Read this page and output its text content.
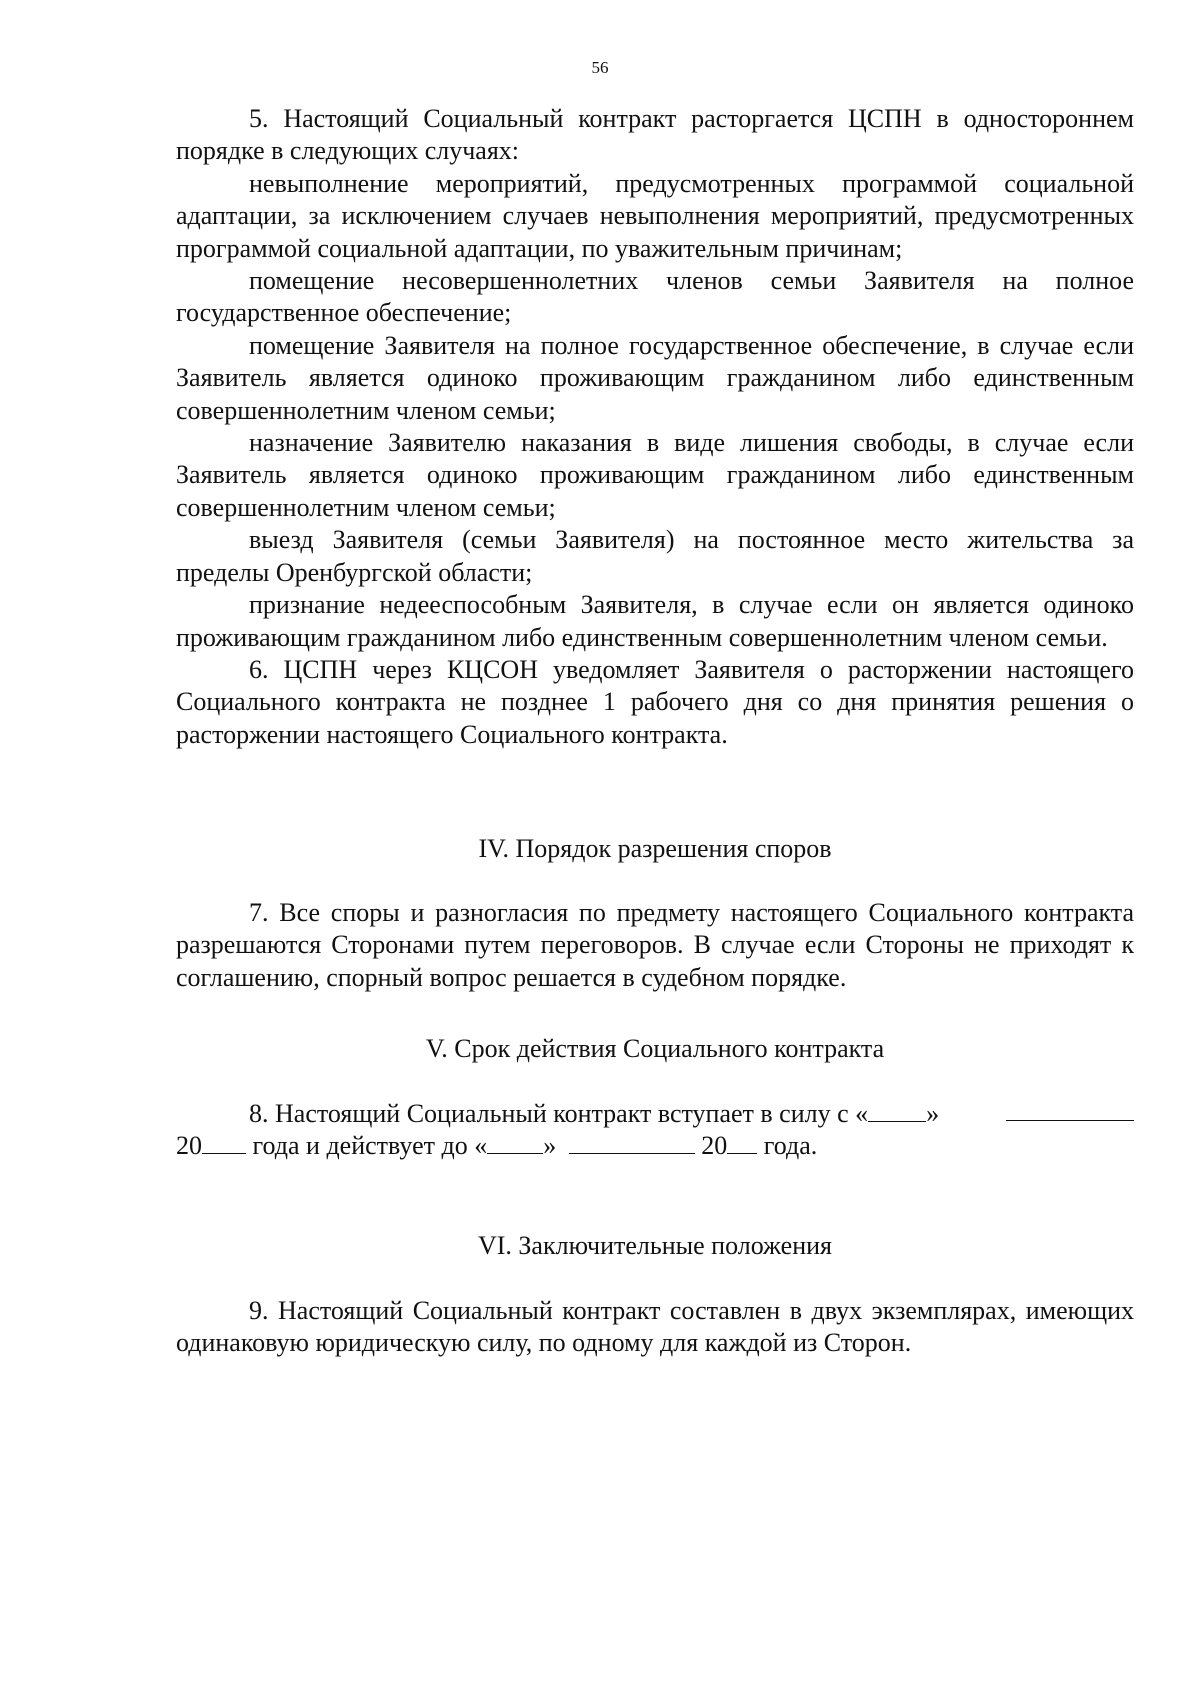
56

5. Настоящий Социальный контракт расторгается ЦСПН в одностороннем порядке в следующих случаях:

невыполнение мероприятий, предусмотренных программой социальной адаптации, за исключением случаев невыполнения мероприятий, предусмотренных программой социальной адаптации, по уважительным причинам;

помещение несовершеннолетних членов семьи Заявителя на полное государственное обеспечение;

помещение Заявителя на полное государственное обеспечение, в случае если Заявитель является одиноко проживающим гражданином либо единственным совершеннолетним членом семьи;

назначение Заявителю наказания в виде лишения свободы, в случае если Заявитель является одиноко проживающим гражданином либо единственным совершеннолетним членом семьи;

выезд Заявителя (семьи Заявителя) на постоянное место жительства за пределы Оренбургской области;

признание недееспособным Заявителя, в случае если он является одиноко проживающим гражданином либо единственным совершеннолетним членом семьи.

6. ЦСПН через КЦСОН уведомляет Заявителя о расторжении настоящего Социального контракта не позднее 1 рабочего дня со дня принятия решения о расторжении настоящего Социального контракта.

IV. Порядок разрешения споров

7. Все споры и разногласия по предмету настоящего Социального контракта разрешаются Сторонами путем переговоров. В случае если Стороны не приходят к соглашению, спорный вопрос решается в судебном порядке.

V. Срок действия Социального контракта
8. Настоящий Социальный контракт вступает в силу с « »
20 года и действует до « »	20 года.
VI. Заключительные положения

9. Настоящий Социальный контракт составлен в двух экземплярах, имеющих одинаковую юридическую силу, по одному для каждой из Сторон.
